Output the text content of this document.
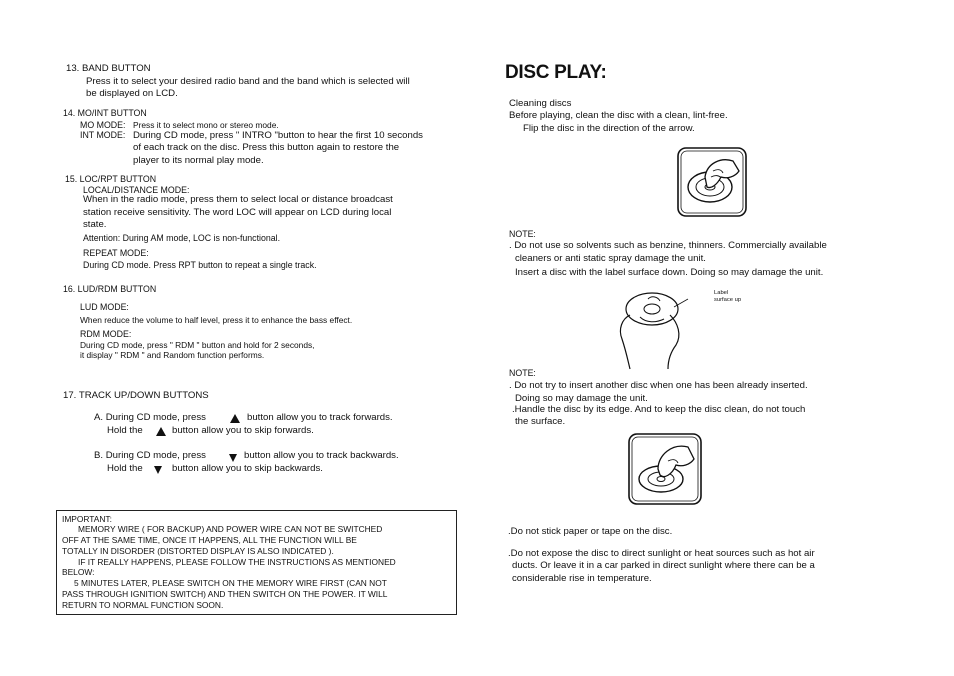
13. BAND BUTTON
Press it to select your desired radio band and the band which is selected will
be displayed on LCD.
14. MO/INT BUTTON
MO MODE: Press it to select mono or stereo mode.
INT MODE: During CD mode, press " INTRO "button to hear the first 10 seconds
of each track on the disc. Press this button again to restore the
player to its normal play mode.
15. LOC/RPT BUTTON
LOCAL/DISTANCE MODE:
When in the radio mode, press them to select local or distance broadcast
station receive sensitivity. The word LOC will appear on LCD during local
state.
Attention: During AM mode, LOC is non-functional.
REPEAT MODE:
During CD mode. Press RPT button to repeat a single track.
16. LUD/RDM BUTTON
LUD MODE:
When reduce the volume to half level, press it to enhance the bass effect.
RDM MODE:
During CD mode, press " RDM " button and hold for 2 seconds,
it display " RDM " and Random function performs.
17. TRACK UP/DOWN BUTTONS
A. During CD mode, press	button allow you to track forwards.
Hold the	button allow you to skip forwards.
B. During CD mode, press	button allow you to track backwards.
Hold the	button allow you to skip backwards.
IMPORTANT:
MEMORY WIRE ( FOR BACKUP) AND POWER WIRE CAN NOT BE SWITCHED
OFF AT THE SAME TIME, ONCE IT HAPPENS, ALL THE FUNCTION WILL BE
TOTALLY IN DISORDER (DISTORTED DISPLAY IS ALSO INDICATED ).
IF IT REALLY HAPPENS, PLEASE FOLLOW THE INSTRUCTIONS AS MENTIONED
BELOW:
5 MINUTES LATER, PLEASE SWITCH ON THE MEMORY WIRE FIRST (CAN NOT
PASS THROUGH IGNITION SWITCH) AND THEN SWITCH ON THE POWER. IT WILL
RETURN TO NORMAL FUNCTION SOON.
DISC PLAY:
Cleaning discs
Before playing, clean the disc with a clean, lint-free.
Flip the disc in the direction of the arrow.
NOTE:
. Do not use so solvents such as benzine, thinners. Commercially available
cleaners or anti static spray damage the unit.
Insert a disc with the label surface down. Doing so may damage the unit.
Label
surface up
NOTE:
. Do not try to insert another disc when one has been already inserted.
Doing so may damage the unit.
.Handle the disc by its edge. And to keep the disc clean, do not touch
the surface.
.Do not stick paper or tape on the disc.
.Do not expose the disc to direct sunlight or heat sources such as hot air
ducts. Or leave it in a car parked in direct sunlight where there can be a
considerable rise in temperature.
